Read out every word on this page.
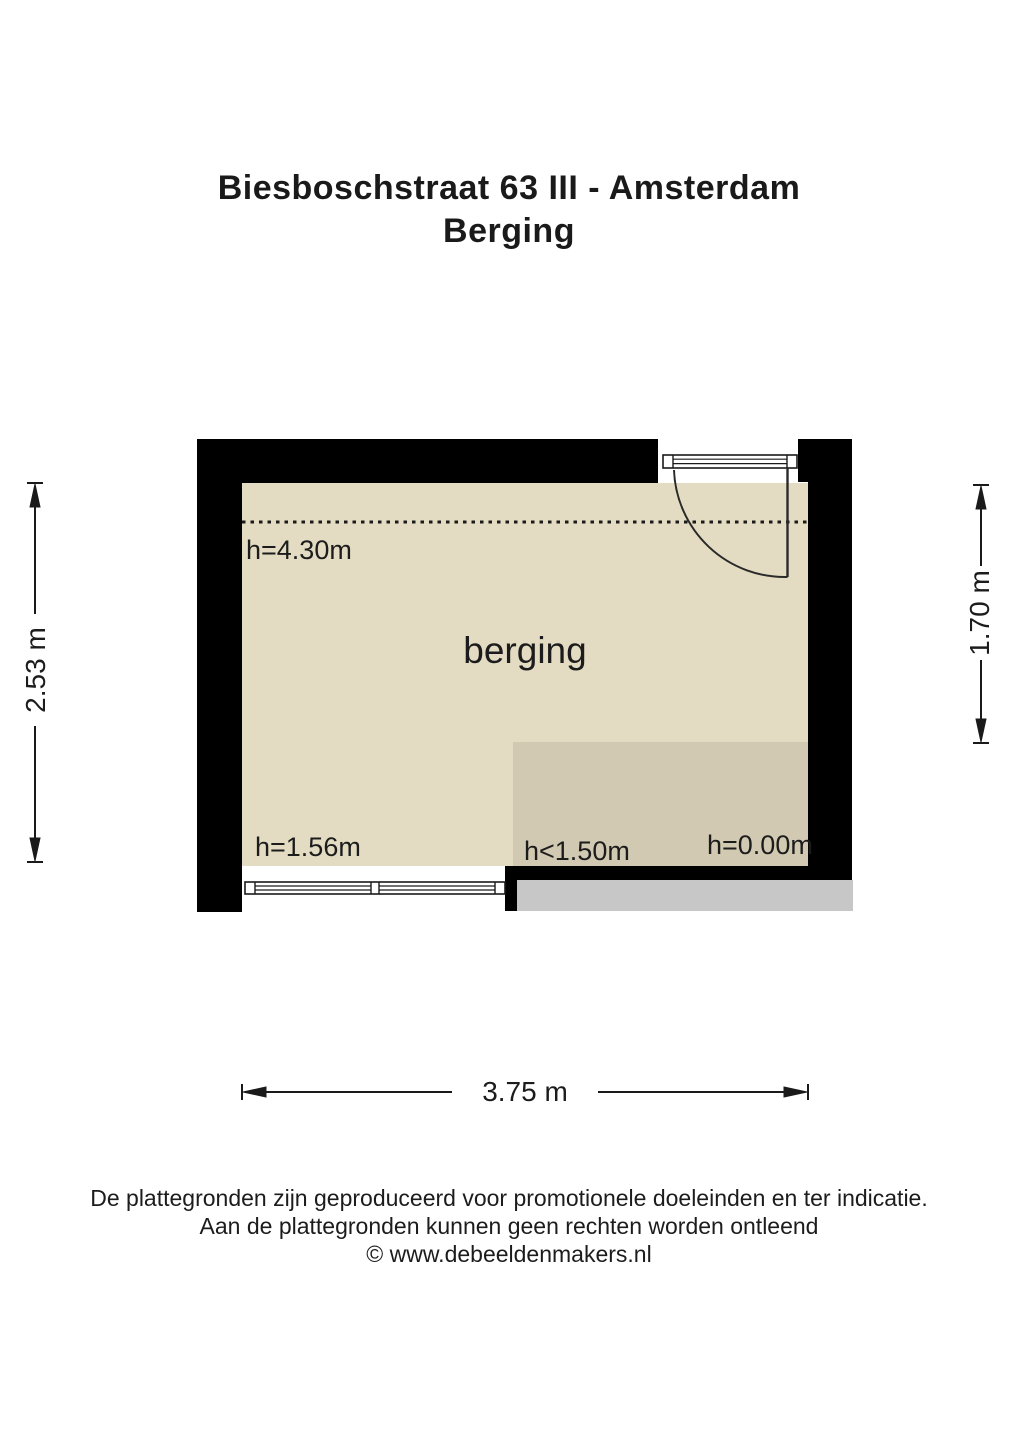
Biesboschstraat 63 III - Amsterdam
Berging
h=4.30m
berging
h=1.56m	h<1.50m	h=0.00m
2.53 m
1.70 m
3.75 m
De plattegronden zijn geproduceerd voor promotionele doeleinden en ter indicatie.
Aan de plattegronden kunnen geen rechten worden ontleend
© www.debeeldenmakers.nl
